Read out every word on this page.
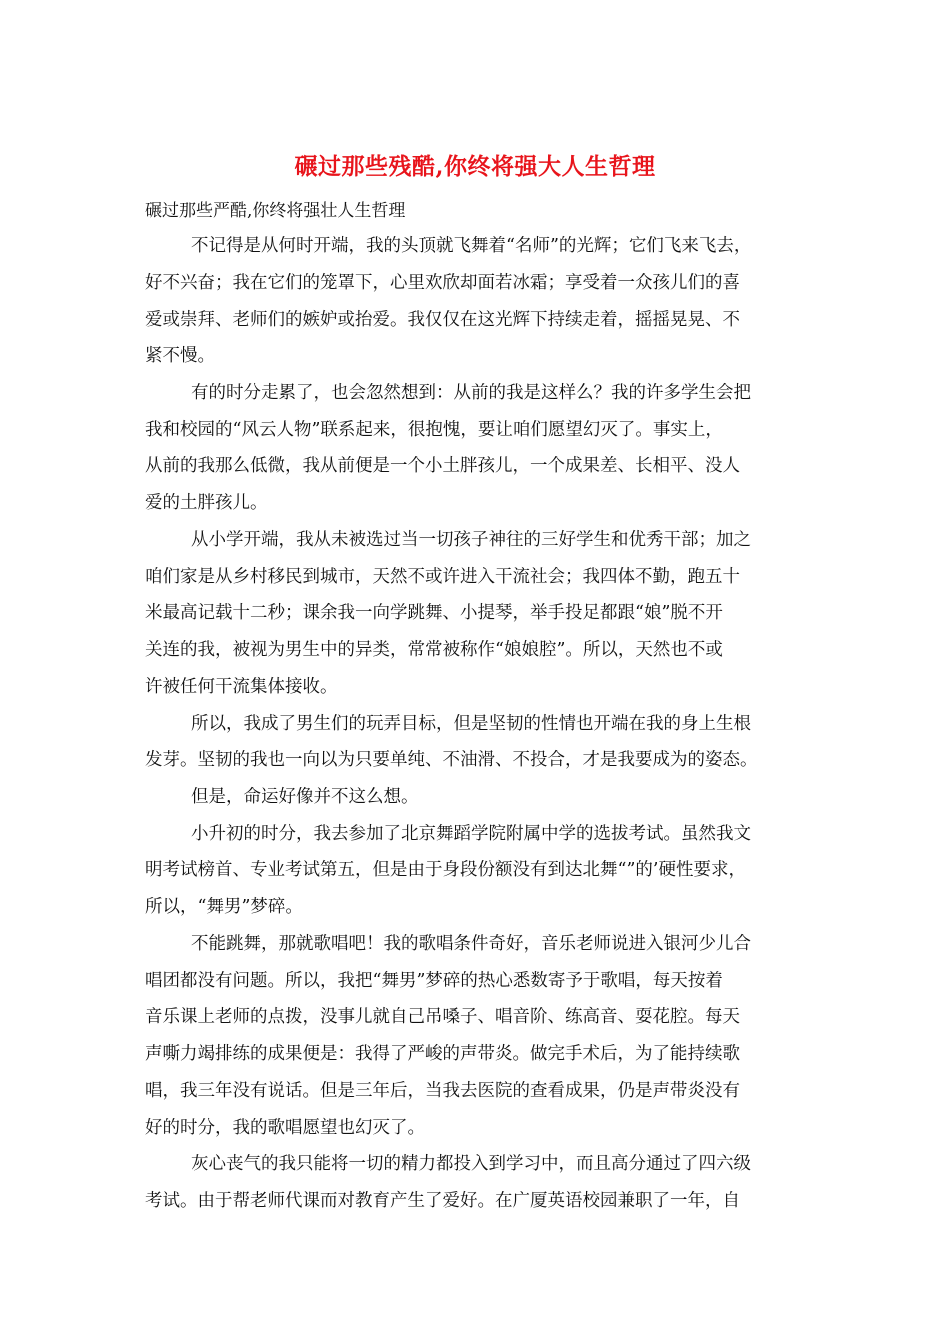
碾过那些残酷,你终将强大人生哲理
碾过那些严酷,你终将强壮人生哲理
不记得是从何时开端，我的头顶就飞舞着“名师”的光辉；它们飞来飞去，
好不兴奋；我在它们的笼罩下，心里欢欣却面若冰霜；享受着一众孩儿们的喜
爱或崇拜、老师们的嫉妒或抬爱。我仅仅在这光辉下持续走着，摇摇晃晃、不
紧不慢。
有的时分走累了，也会忽然想到：从前的我是这样么？我的许多学生会把
我和校园的“风云人物”联系起来，很抱愧，要让咱们愿望幻灭了。事实上，
从前的我那么低微，我从前便是一个小土胖孩儿，一个成果差、长相平、没人
爱的土胖孩儿。
从小学开端，我从未被选过当一切孩子神往的三好学生和优秀干部；加之
咱们家是从乡村移民到城市，天然不或许进入干流社会；我四体不勤，跑五十
米最高记载十二秒；课余我一向学跳舞、小提琴，举手投足都跟“娘”脱不开
关连的我，被视为男生中的异类，常常被称作“娘娘腔”。所以，天然也不或
许被任何干流集体接收。
所以，我成了男生们的玩弄目标，但是坚韧的性情也开端在我的身上生根
发芽。坚韧的我也一向以为只要单纯、不油滑、不投合，才是我要成为的姿态。
但是，命运好像并不这么想。
小升初的时分，我去参加了北京舞蹈学院附属中学的选拔考试。虽然我文
明考试榜首、专业考试第五，但是由于身段份额没有到达北舞“”的’硬性要求，
所以，“舞男”梦碎。
不能跳舞，那就歌唱吧！我的歌唱条件奇好，音乐老师说进入银河少儿合
唱团都没有问题。所以，我把“舞男”梦碎的热心悉数寄予于歌唱，每天按着
音乐课上老师的点拨，没事儿就自己吊嗓子、唱音阶、练高音、耍花腔。每天
声嘶力竭排练的成果便是：我得了严峻的声带炎。做完手术后，为了能持续歌
唱，我三年没有说话。但是三年后，当我去医院的查看成果，仍是声带炎没有
好的时分，我的歌唱愿望也幻灭了。
灰心丧气的我只能将一切的精力都投入到学习中，而且高分通过了四六级
考试。由于帮老师代课而对教育产生了爱好。在广厦英语校园兼职了一年，自
